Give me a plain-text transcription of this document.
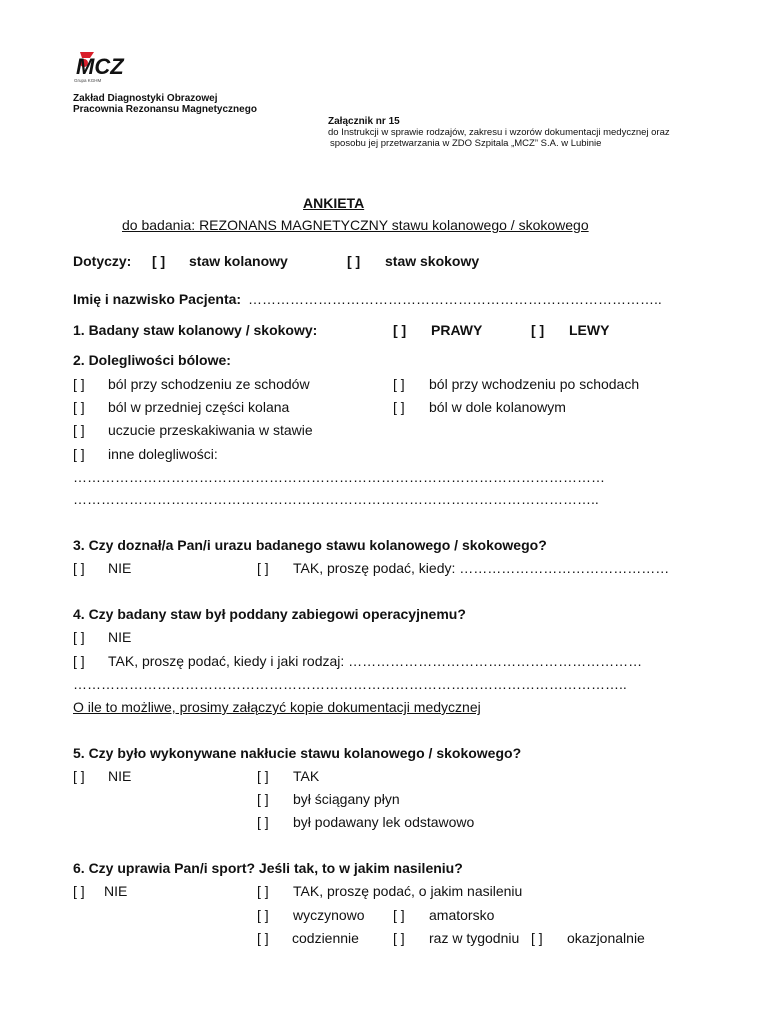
MCZ
Grupa KGHM
Zakład Diagnostyki Obrazowej
Pracownia Rezonansu Magnetycznego
Załącznik nr 15
do Instrukcji w sprawie rodzajów, zakresu i wzorów dokumentacji medycznej oraz
sposobu jej przetwarzania w ZDO Szpitala „MCZ” S.A. w Lubinie
ANKIETA
do badania: REZONANS MAGNETYCZNY stawu kolanowego / skokowego
Dotyczy: [ ] staw kolanowy	[ ] staw skokowy
Imię i nazwisko Pacjenta: ……………………………………………………………………………..
1. Badany staw kolanowy / skokowy:	[ ] PRAWY	[ ] LEWY
2. Dolegliwości bólowe:
[ ] ból przy schodzeniu ze schodów	[ ] ból przy wchodzeniu po schodach
[ ] ból w przedniej części kolana	[ ] ból w dole kolanowym
[ ] uczucie przeskakiwania w stawie
[ ] inne dolegliwości:
……………………………………………………………………………………………………
…………………………………………………………………………………………………..
3. Czy doznał/a Pan/i urazu badanego stawu kolanowego / skokowego?
[ ] NIE	[ ] TAK, proszę podać, kiedy: ………………………………………
4. Czy badany staw był poddany zabiegowi operacyjnemu?
[ ] NIE
[ ] TAK, proszę podać, kiedy i jaki rodzaj: ………………………………………………………
………………………………………………………………………………………………………..
O ile to możliwe, prosimy załączyć kopie dokumentacji medycznej
5. Czy było wykonywane nakłucie stawu kolanowego / skokowego?
[ ] NIE	[ ] TAK
[ ] był ściągany płyn
[ ] był podawany lek odstawowo
6. Czy uprawia Pan/i sport? Jeśli tak, to w jakim nasileniu?
[ ] NIE	[ ] TAK, proszę podać, o jakim nasileniu
[ ] wyczynowo [ ] amatorsko
[ ] codziennie [ ] raz w tygodniu [ ] okazjonalnie
